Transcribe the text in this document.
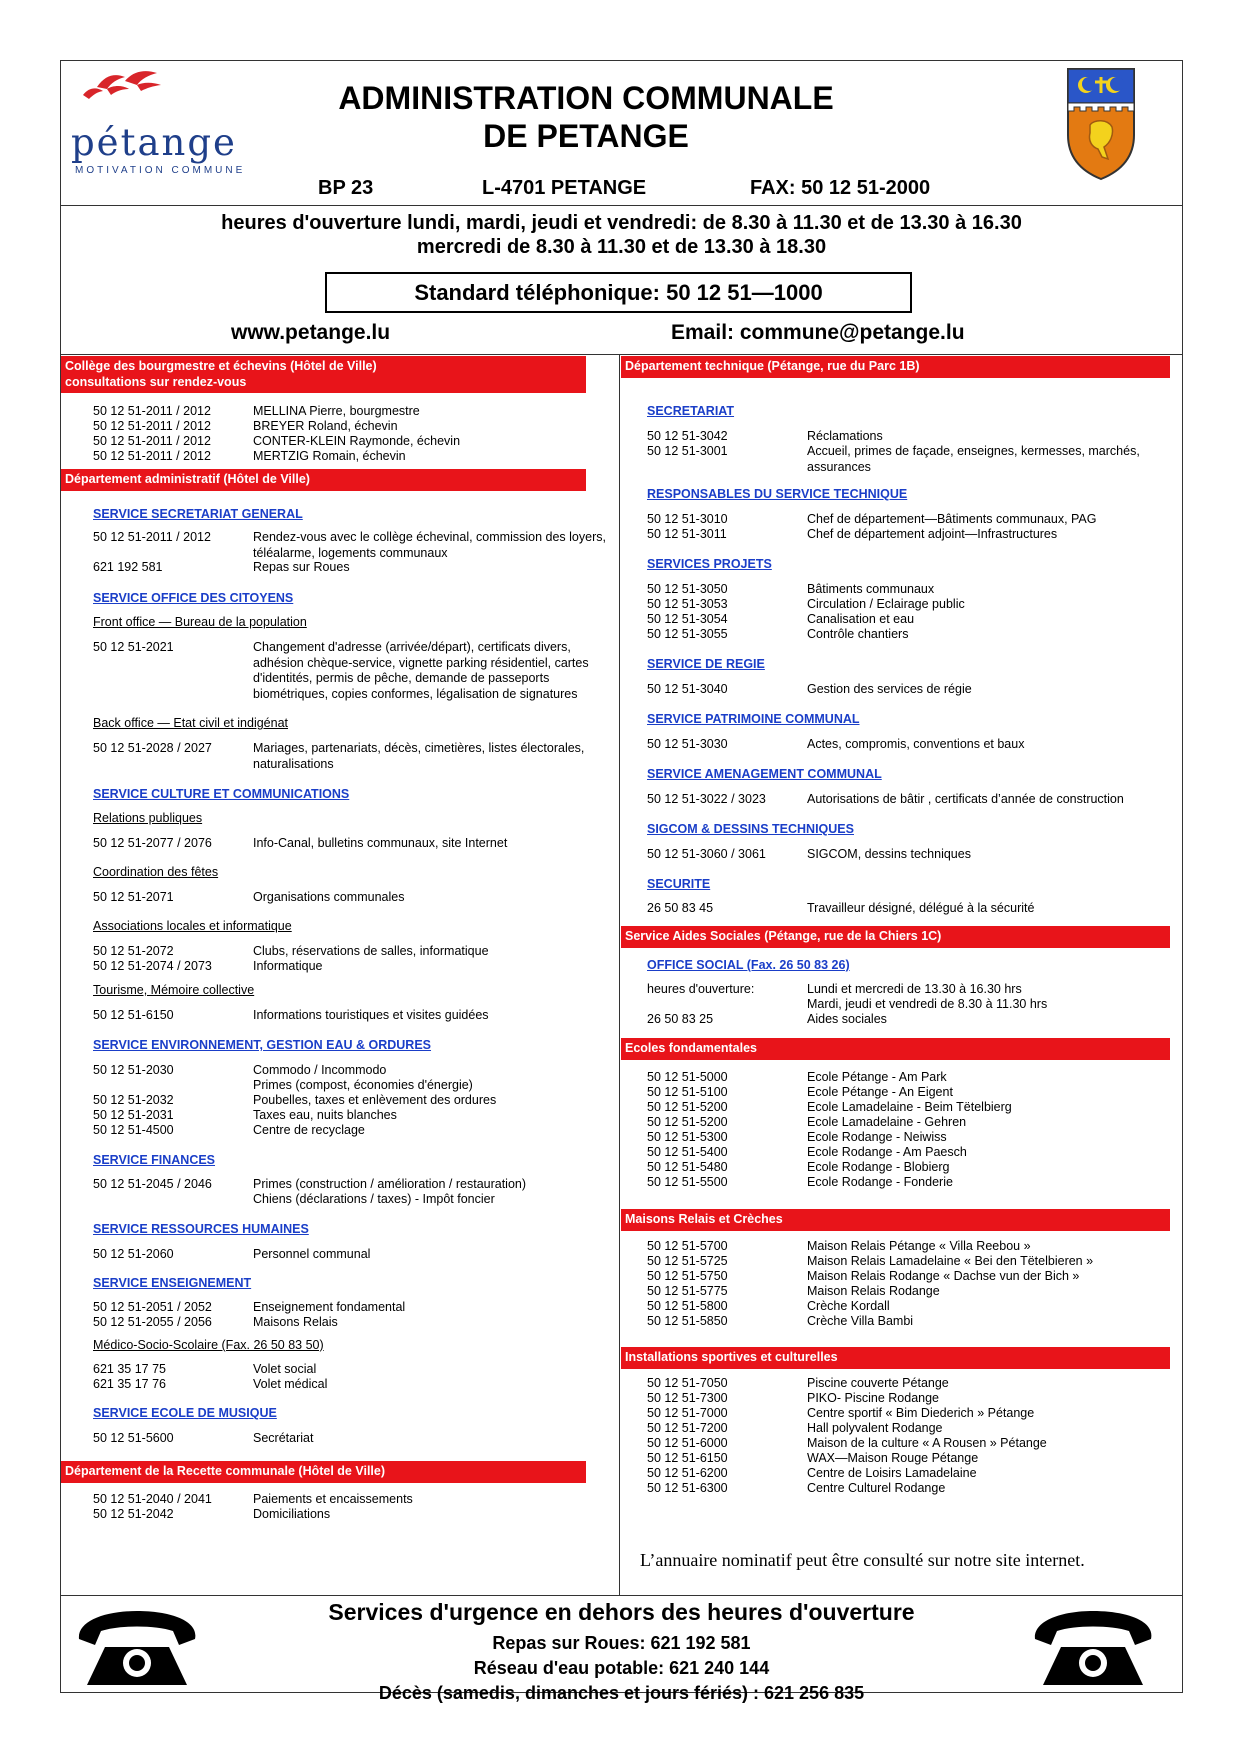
pétange
MOTIVATION COMMUNE
ADMINISTRATION COMMUNALE
DE PETANGE
BP 23	L-4701 PETANGE	FAX: 50 12 51-2000
heures d'ouverture lundi, mardi, jeudi et vendredi: de 8.30 à 11.30 et de 13.30 à 16.30
mercredi de 8.30 à 11.30 et de 13.30 à 18.30
Standard téléphonique: 50 12 51—1000
www.petange.lu	Email: commune@petange.lu
Collège des bourgmestre et échevins (Hôtel de Ville)
consultations sur rendez-vous
50 12 51-2011 / 2012	MELLINA Pierre, bourgmestre
50 12 51-2011 / 2012	BREYER Roland, échevin
50 12 51-2011 / 2012	CONTER-KLEIN Raymonde, échevin
50 12 51-2011 / 2012	MERTZIG Romain, échevin
Département administratif (Hôtel de Ville)
SERVICE SECRETARIAT GENERAL
50 12 51-2011 / 2012	Rendez-vous avec le collège échevinal, commission des loyers, téléalarme, logements communaux
621 192 581	Repas sur Roues
SERVICE OFFICE DES CITOYENS
Front office — Bureau de la population
50 12 51-2021	Changement d'adresse (arrivée/départ), certificats divers, adhésion chèque-service, vignette parking résidentiel, cartes d'identités, permis de pêche, demande de passeports biométriques, copies conformes, légalisation de signatures
Back office — Etat civil et indigénat
50 12 51-2028 / 2027	Mariages, partenariats, décès, cimetières, listes électorales, naturalisations
SERVICE CULTURE ET COMMUNICATIONS
Relations publiques
50 12 51-2077 / 2076	Info-Canal, bulletins communaux, site Internet
Coordination des fêtes
50 12 51-2071	Organisations communales
Associations locales et informatique
50 12 51-2072	Clubs, réservations de salles, informatique
50 12 51-2074 / 2073	Informatique
Tourisme, Mémoire collective
50 12 51-6150	Informations touristiques et visites guidées
SERVICE ENVIRONNEMENT, GESTION EAU & ORDURES
50 12 51-2030	Commodo / Incommodo
Primes (compost, économies d'énergie)
50 12 51-2032	Poubelles, taxes et enlèvement des ordures
50 12 51-2031	Taxes eau, nuits blanches
50 12 51-4500	Centre de recyclage
SERVICE FINANCES
50 12 51-2045 / 2046	Primes (construction / amélioration / restauration)
Chiens (déclarations / taxes) - Impôt foncier
SERVICE RESSOURCES HUMAINES
50 12 51-2060	Personnel communal
SERVICE ENSEIGNEMENT
50 12 51-2051 / 2052	Enseignement fondamental
50 12 51-2055 / 2056	Maisons Relais
Médico-Socio-Scolaire (Fax. 26 50 83 50)
621 35 17 75	Volet social
621 35 17 76	Volet médical
SERVICE ECOLE DE MUSIQUE
50 12 51-5600	Secrétariat
Département de la Recette communale (Hôtel de Ville)
50 12 51-2040 / 2041	Paiements et encaissements
50 12 51-2042	Domiciliations
Département technique (Pétange, rue du Parc 1B)
SECRETARIAT
50 12 51-3042	Réclamations
50 12 51-3001	Accueil, primes de façade, enseignes, kermesses, marchés, assurances
RESPONSABLES DU SERVICE TECHNIQUE
50 12 51-3010	Chef de département—Bâtiments communaux, PAG
50 12 51-3011	Chef de département adjoint—Infrastructures
SERVICES PROJETS
50 12 51-3050	Bâtiments communaux
50 12 51-3053	Circulation / Eclairage public
50 12 51-3054	Canalisation et eau
50 12 51-3055	Contrôle chantiers
SERVICE DE REGIE
50 12 51-3040	Gestion des services de régie
SERVICE PATRIMOINE COMMUNAL
50 12 51-3030	Actes, compromis, conventions et baux
SERVICE AMENAGEMENT COMMUNAL
50 12 51-3022 / 3023	Autorisations de bâtir , certificats d’année de construction
SIGCOM & DESSINS TECHNIQUES
50 12 51-3060 / 3061	SIGCOM, dessins techniques
SECURITE
26 50 83 45	Travailleur désigné, délégué à la sécurité
Service Aides Sociales (Pétange, rue de la Chiers 1C)
OFFICE SOCIAL (Fax. 26 50 83 26)
heures d'ouverture:	Lundi et mercredi de 13.30 à 16.30 hrs
Mardi, jeudi et vendredi de 8.30 à 11.30 hrs
26 50 83 25	Aides sociales
Ecoles fondamentales
50 12 51-5000	Ecole Pétange - Am Park
50 12 51-5100	Ecole Pétange - An Eigent
50 12 51-5200	Ecole Lamadelaine - Beim Tëtelbierg
50 12 51-5200	Ecole Lamadelaine - Gehren
50 12 51-5300	Ecole Rodange - Neiwiss
50 12 51-5400	Ecole Rodange - Am Paesch
50 12 51-5480	Ecole Rodange - Blobierg
50 12 51-5500	Ecole Rodange - Fonderie
Maisons Relais et Crèches
50 12 51-5700	Maison Relais Pétange « Villa Reebou »
50 12 51-5725	Maison Relais Lamadelaine « Bei den Tëtelbieren »
50 12 51-5750	Maison Relais Rodange « Dachse vun der Bich »
50 12 51-5775	Maison Relais Rodange
50 12 51-5800	Crèche Kordall
50 12 51-5850	Crèche Villa Bambi
Installations sportives et culturelles
50 12 51-7050	Piscine couverte Pétange
50 12 51-7300	PIKO- Piscine Rodange
50 12 51-7000	Centre sportif « Bim Diederich » Pétange
50 12 51-7200	Hall polyvalent Rodange
50 12 51-6000	Maison de la culture « A Rousen » Pétange
50 12 51-6150	WAX—Maison Rouge Pétange
50 12 51-6200	Centre de Loisirs Lamadelaine
50 12 51-6300	Centre Culturel Rodange
L’annuaire nominatif peut être consulté sur notre site internet.
Services d'urgence en dehors des heures d'ouverture
Repas sur Roues: 621 192 581
Réseau d'eau potable: 621 240 144
Décès (samedis, dimanches et jours fériés) : 621 256 835
